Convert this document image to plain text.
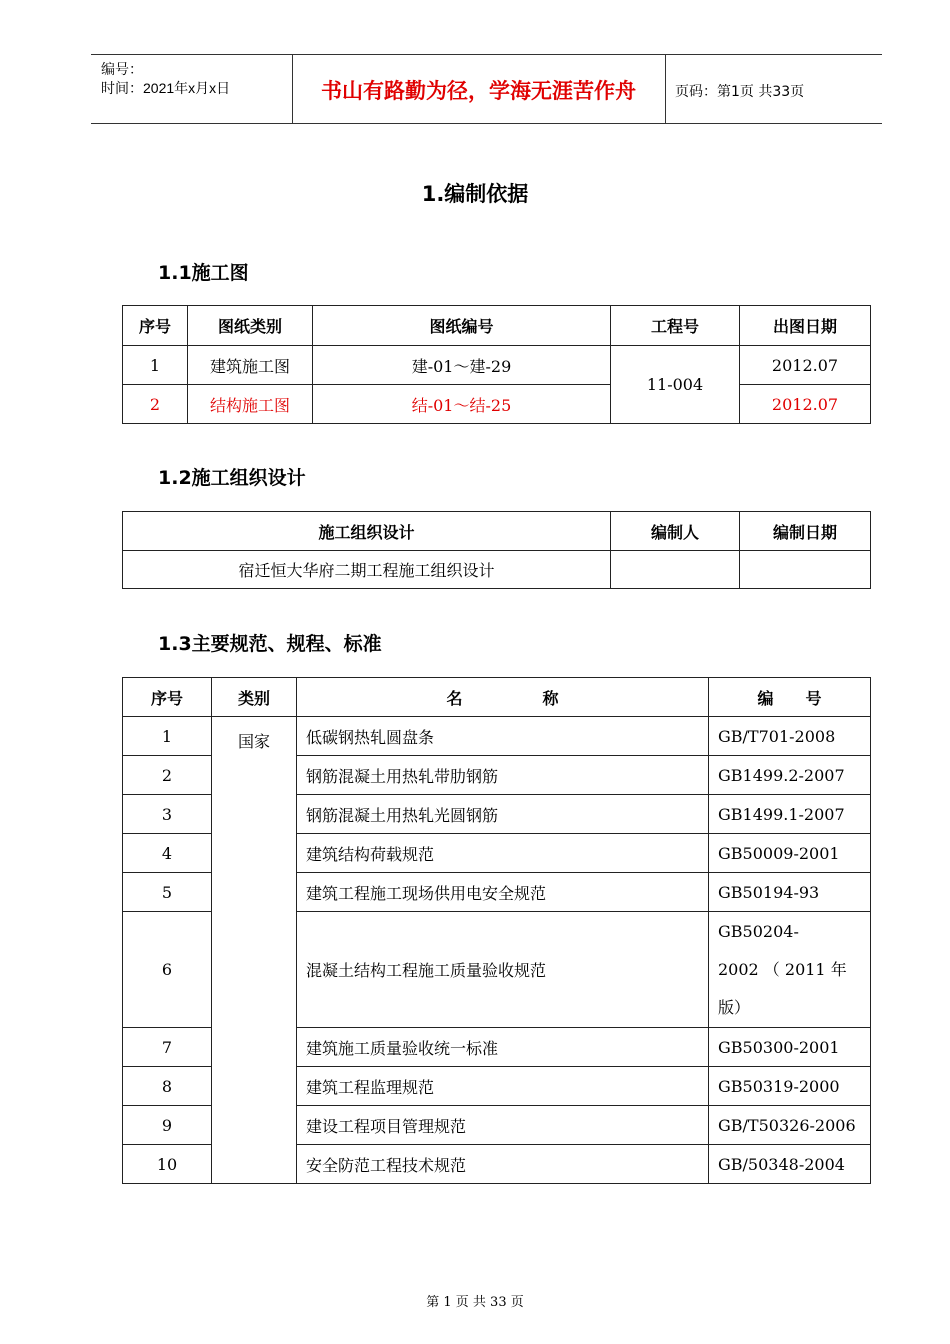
编号：
时间：2021年x月x日	书山有路勤为径，学海无涯苦作舟	页码：第1页 共33页
1.编制依据
1.1施工图
序号	图纸类别	图纸编号	工程号	出图日期
1	建筑施工图	建-01～建-29	11-004	2012.07
2	结构施工图	结-01～结-25		2012.07
1.2施工组织设计
施工组织设计	编制人	编制日期
宿迁恒大华府二期工程施工组织设计		
1.3主要规范、规程、标准
序号	类别	名　　　　　称	编　　号
1	国家	低碳钢热轧圆盘条	GB/T701-2008
2		钢筋混凝土用热轧带肋钢筋	GB1499.2-2007
3		钢筋混凝土用热轧光圆钢筋	GB1499.1-2007
4		建筑结构荷载规范	GB50009-2001
5		建筑工程施工现场供用电安全规范	GB50194-93
6		混凝土结构工程施工质量验收规范	GB50204-
2002 （ 2011 年
版）
7		建筑施工质量验收统一标准	GB50300-2001
8		建筑工程监理规范	GB50319-2000
9		建设工程项目管理规范	GB/T50326-2006
10		安全防范工程技术规范	GB/50348-2004
第 1 页 共 33 页
